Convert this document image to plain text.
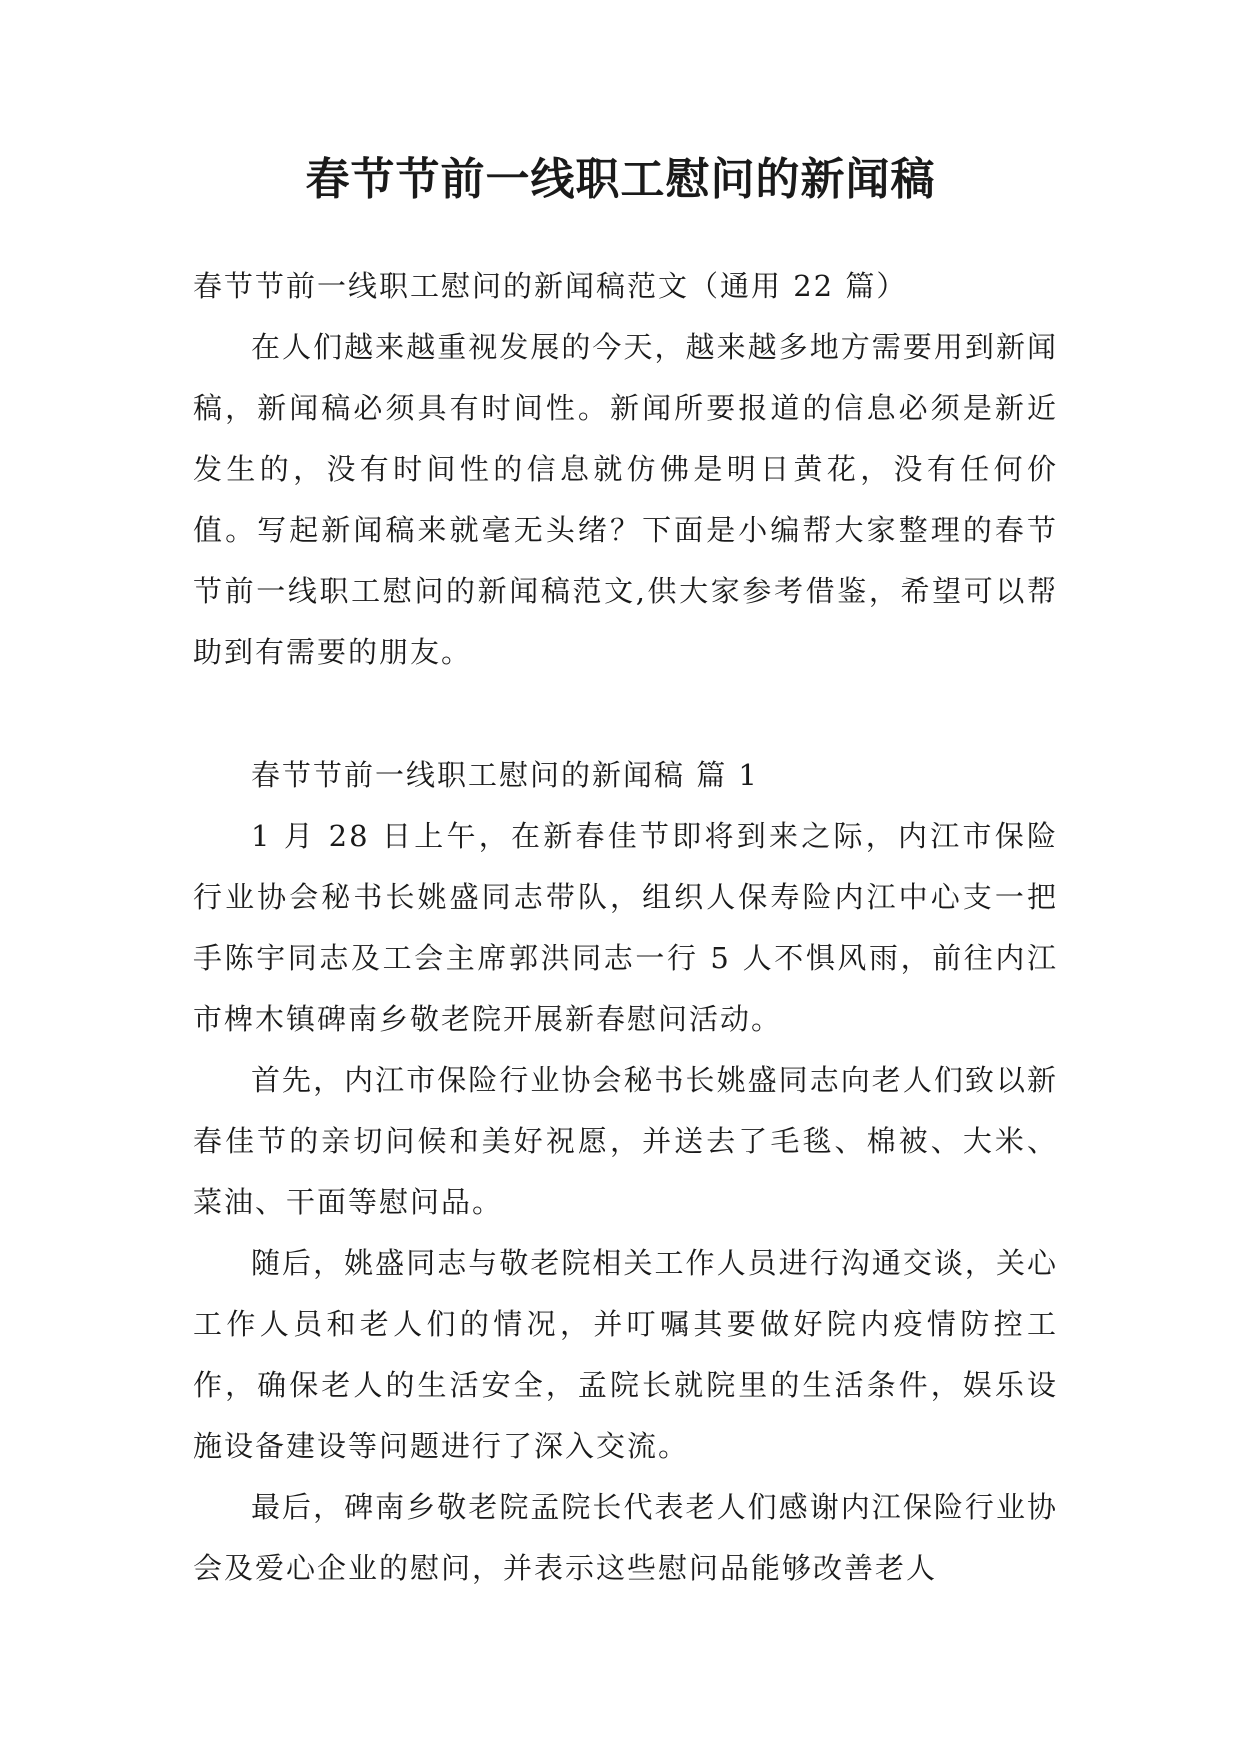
春节节前一线职工慰问的新闻稿

春节节前一线职工慰问的新闻稿范文（通用 22 篇）

在人们越来越重视发展的今天，越来越多地方需要用到新闻稿，新闻稿必须具有时间性。新闻所要报道的信息必须是新近发生的，没有时间性的信息就仿佛是明日黄花，没有任何价值。写起新闻稿来就毫无头绪？下面是小编帮大家整理的春节节前一线职工慰问的新闻稿范文,供大家参考借鉴，希望可以帮助到有需要的朋友。

春节节前一线职工慰问的新闻稿 篇 1

1 月 28 日上午，在新春佳节即将到来之际，内江市保险行业协会秘书长姚盛同志带队，组织人保寿险内江中心支一把手陈宇同志及工会主席郭洪同志一行 5 人不惧风雨，前往内江市椑木镇碑南乡敬老院开展新春慰问活动。

首先，内江市保险行业协会秘书长姚盛同志向老人们致以新春佳节的亲切问候和美好祝愿，并送去了毛毯、棉被、大米、菜油、干面等慰问品。

随后，姚盛同志与敬老院相关工作人员进行沟通交谈，关心工作人员和老人们的情况，并叮嘱其要做好院内疫情防控工作，确保老人的生活安全，孟院长就院里的生活条件，娱乐设施设备建设等问题进行了深入交流。

最后，碑南乡敬老院孟院长代表老人们感谢内江保险行业协会及爱心企业的慰问，并表示这些慰问品能够改善老人
